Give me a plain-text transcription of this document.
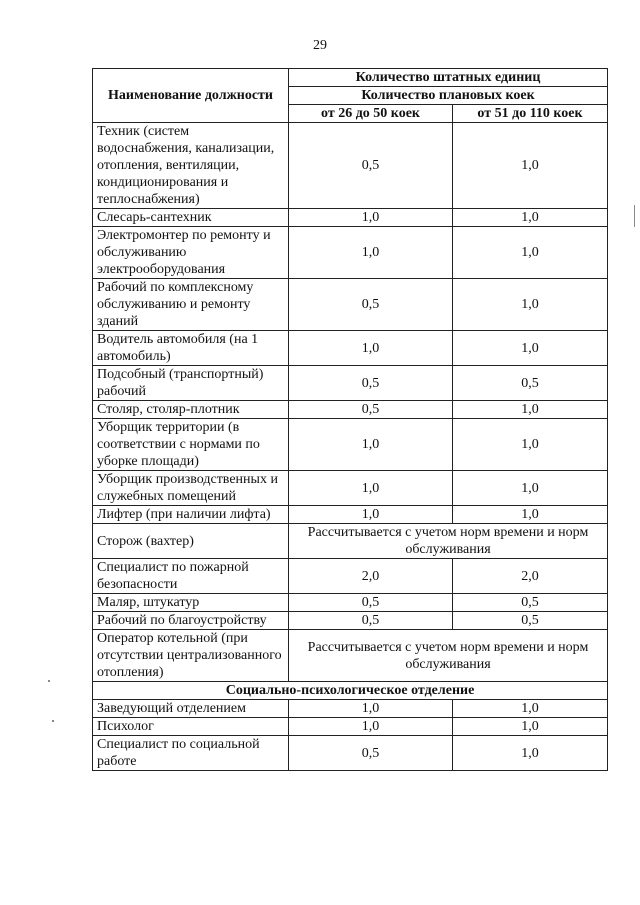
29
Наименование должности	Количество штатных единиц	
	Количество плановых коек	
	от 26 до 50 коек	от 51 до 110 коек
Техник (систем водоснабжения, канализации, отопления, вентиляции, кондиционирования и теплоснабжения)	0,5	1,0
Слесарь-сантехник	1,0	1,0
Электромонтер по ремонту и обслуживанию электрооборудования	1,0	1,0
Рабочий по комплексному обслуживанию и ремонту зданий	0,5	1,0
Водитель автомобиля (на 1 автомобиль)	1,0	1,0
Подсобный (транспортный) рабочий	0,5	0,5
Столяр, столяр-плотник	0,5	1,0
Уборщик территории (в соответствии с нормами по уборке площади)	1,0	1,0
Уборщик производственных и служебных помещений	1,0	1,0
Лифтер (при наличии лифта)	1,0	1,0
Сторож (вахтер)	Рассчитывается с учетом норм времени и норм обслуживания	
Специалист по пожарной безопасности	2,0	2,0
Маляр, штукатур	0,5	0,5
Рабочий по благоустройству	0,5	0,5
Оператор котельной (при отсутствии централизованного отопления)	Рассчитывается с учетом норм времени и норм обслуживания	
Социально-психологическое отделение		
Заведующий отделением	1,0	1,0
Психолог	1,0	1,0
Специалист по социальной работе	0,5	1,0
